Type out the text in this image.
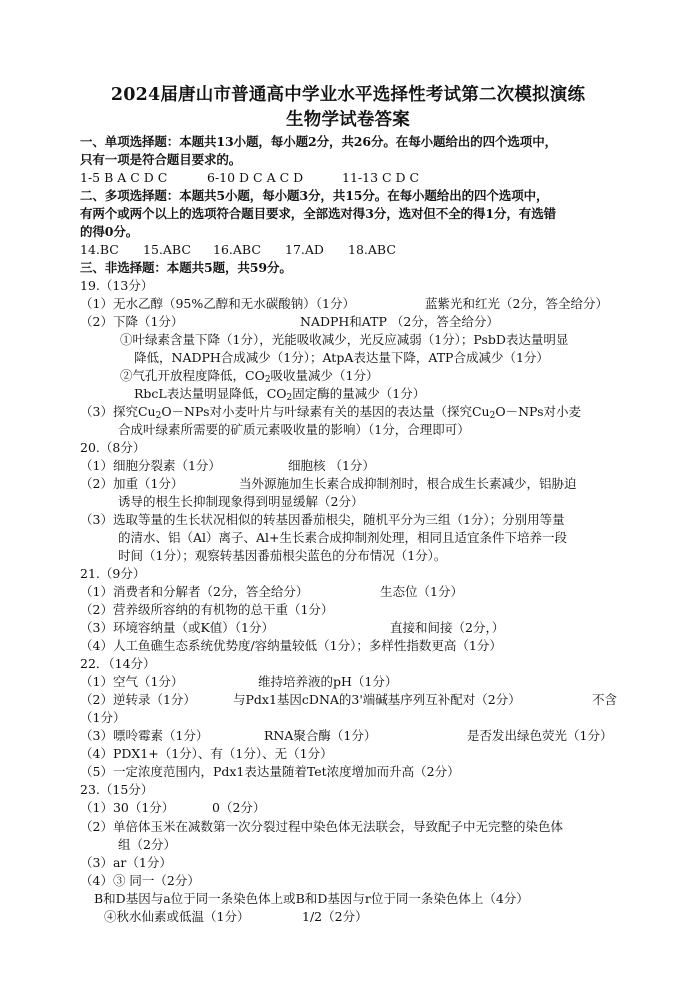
2024届唐山市普通高中学业水平选择性考试第二次模拟演练
生物学试卷答案
一、单项选择题：本题共13小题，每小题2分，共26分。在每小题给出的四个选项中，
只有一项是符合题目要求的。
1-5 B A C D C	6-10 D C A C D	11-13 C D C
二、多项选择题：本题共5小题，每小题3分，共15分。在每小题给出的四个选项中，
有两个或两个以上的选项符合题目要求，全部选对得3分，选对但不全的得1分，有选错
的得0分。
14.BC 15.ABC 16.ABC 17.AD 18.ABC
三、非选择题：本题共5题，共59分。
19.（13分）
（1）无水乙醇（95%乙醇和无水碳酸钠）（1分）	蓝紫光和红光（2分，答全给分）
（2）下降（1分）	NADPH和ATP （2分，答全给分）
①叶绿素含量下降（1分），光能吸收减少，光反应减弱（1分）；PsbD表达量明显
降低，NADPH合成减少（1分）；AtpA表达量下降，ATP合成减少（1分）
②气孔开放程度降低，$CO_2$吸收量减少（1分）
RbcL表达量明显降低，$CO_2$固定酶的量减少（1分）
（3）探究$Cu_2O-NPs$对小麦叶片与叶绿素有关的基因的表达量（探究$Cu_2O-NPs$对小麦
合成叶绿素所需要的矿质元素吸收量的影响）（1分，合理即可）
20.（8分）
（1）细胞分裂素（1分）	细胞核 （1分）
（2）加重（1分）	当外源施加生长素合成抑制剂时，根合成生长素减少，铝胁迫
诱导的根生长抑制现象得到明显缓解（2分）
（3）选取等量的生长状况相似的转基因番茄根尖，随机平分为三组（1分）；分别用等量
的清水、铝（Al）离子、Al+生长素合成抑制剂处理，相同且适宜条件下培养一段
时间（1分）；观察转基因番茄根尖蓝色的分布情况（1分）。
21.（9分）
（1）消费者和分解者（2分，答全给分）	生态位（1分）
（2）营养级所容纳的有机物的总干重（1分）
（3）环境容纳量（或K值）（1分）	直接和间接（2分，）
（4）人工鱼礁生态系统优势度/容纳量较低（1分）；多样性指数更高（1分）
22．（14分）
（1）空气（1分）	维持培养液的pH（1分）
（2）逆转录（1分）	与Pdx1基因cDNA的3'端碱基序列互补配对（2分）	不含
（1分）
（3）嘌呤霉素（1分）	RNA聚合酶（1分）	是否发出绿色荧光（1分）
（4）PDX1+（1分）、有（1分）、无（1分）
（5）一定浓度范围内，Pdx1表达量随着Tet浓度增加而升高（2分）
23.（15分）
（1）30（1分）	0（2分）
（2）单倍体玉米在减数第一次分裂过程中染色体无法联会，导致配子中无完整的染色体
组（2分）
（3）ar（1分）
（4）③ 同一（2分）
B和D基因与a位于同一条染色体上或B和D基因与r位于同一条染色体上（4分）
④秋水仙素或低温（1分）	1/2（2分）
